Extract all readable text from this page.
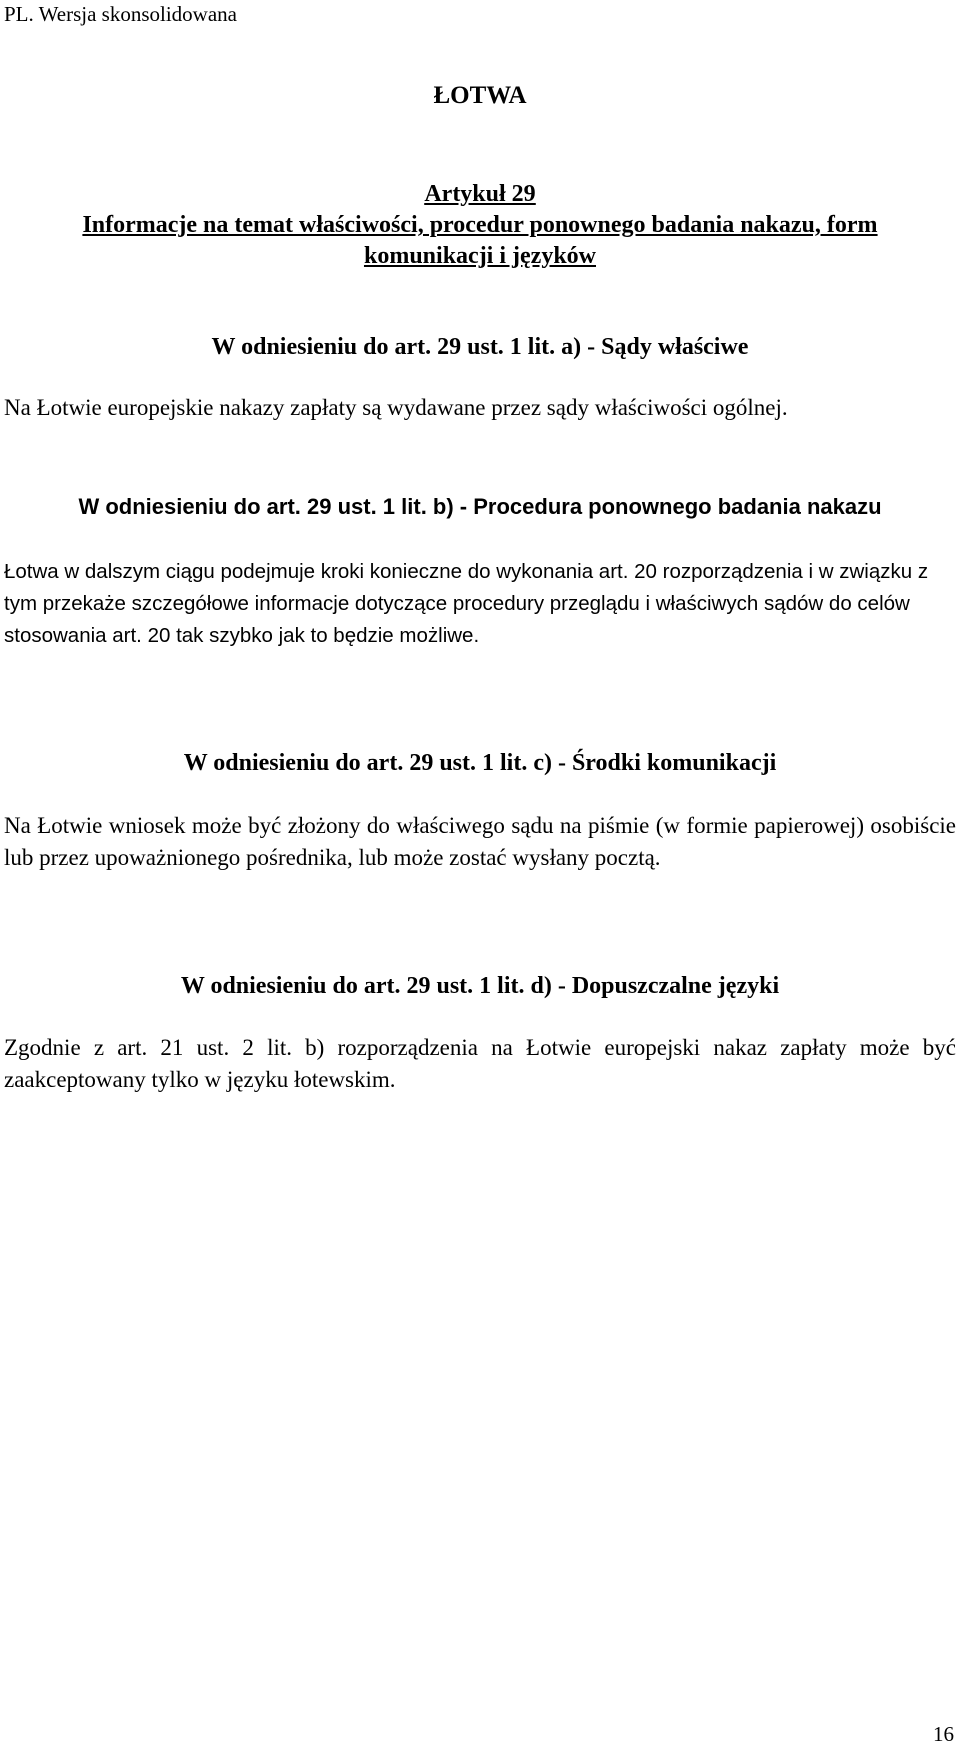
PL. Wersja skonsolidowana
ŁOTWA
Artykuł 29
Informacje na temat właściwości, procedur ponownego badania nakazu, form
komunikacji i języków
W odniesieniu do art. 29 ust. 1 lit. a) - Sądy właściwe
Na Łotwie europejskie nakazy zapłaty są wydawane przez sądy właściwości ogólnej.
W odniesieniu do art. 29 ust. 1 lit. b) - Procedura ponownego badania nakazu
Łotwa w dalszym ciągu podejmuje kroki konieczne do wykonania art. 20 rozporządzenia i w związku z tym przekaże szczegółowe informacje dotyczące procedury przeglądu i właściwych sądów do celów stosowania art. 20 tak szybko jak to będzie możliwe.
W odniesieniu do art. 29 ust. 1 lit. c) - Środki komunikacji
Na Łotwie wniosek może być złożony do właściwego sądu na piśmie (w formie papierowej) osobiście lub przez upoważnionego pośrednika, lub może zostać wysłany pocztą.
W odniesieniu do art. 29 ust. 1 lit. d) - Dopuszczalne języki
Zgodnie z art. 21 ust. 2 lit. b) rozporządzenia na Łotwie europejski nakaz zapłaty może być zaakceptowany tylko w języku łotewskim.
16
